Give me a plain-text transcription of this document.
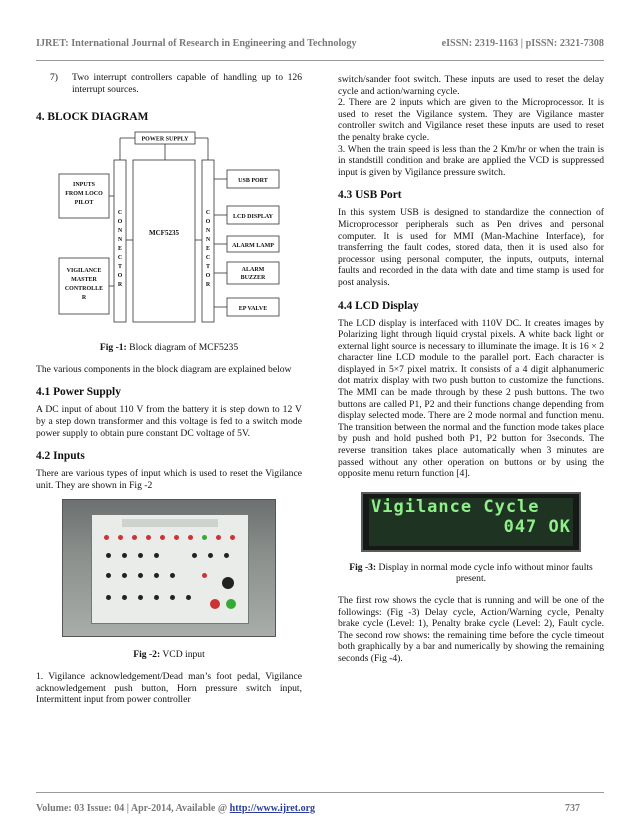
IJRET: International Journal of Research in Engineering and Technology	eISSN: 2319-1163 | pISSN: 2321-7308
7)	Two interrupt controllers capable of handling up to 126 interrupt sources.
4. BLOCK DIAGRAM
POWER SUPPLY
INPUTS
FROM LOCO
PILOT
VIGILANCE
MASTER
CONTROLLE
R
C
O
N
N
E
C
T
O
R
MCF5235
C
O
N
N
E
C
T
O
R
USB PORT
LCD DISPLAY
ALARM LAMP
ALARM
BUZZER
EP VALVE

Fig -1: Block diagram of MCF5235

The various components in the block diagram are explained below

4.1 Power Supply

A DC input of about 110 V from the battery it is step down to 12 V by a step down transformer and this voltage is fed to a switch mode power supply to obtain pure constant DC voltage of 5V.

4.2 Inputs

There are various types of input which is used to reset the Vigilance unit. They are shown in Fig -2

Fig -2: VCD input

1. Vigilance acknowledgement/Dead man’s foot pedal, Vigilance acknowledgement push button, Horn pressure switch input, Intermittent input from power controller

switch/sander foot switch. These inputs are used to reset the delay cycle and action/warning cycle.

2. There are 2 inputs which are given to the Microprocessor. It is used to reset the Vigilance system. They are Vigilance master controller switch and Vigilance reset these inputs are used to reset the penalty brake cycle.

3. When the train speed is less than the 2 Km/hr or when the train is in standstill condition and brake are applied the VCD is suppressed input is given by Vigilance pressure switch.

4.3 USB Port

In this system USB is designed to standardize the connection of Microprocessor peripherals such as Pen drives and personal computer. It is used for MMI (Man-Machine Interface), for transferring the fault codes, stored data, then it is used also for processor using personal computer, the inputs, outputs, internal faults and recorded in the data with date and time stamp is used for post analysis.

4.4 LCD Display

The LCD display is interfaced with 110V DC. It creates images by Polarizing light through liquid crystal pixels. A white back light or external light source is necessary to illuminate the image. It is 16 × 2 character line LCD module to the parallel port. Each character is displayed in 5×7 pixel matrix. It consists of a 4 digit alphanumeric dot matrix display with two push button to customize the functions. The MMI can be made through by these 2 push buttons. The two buttons are called P1, P2 and their functions change depending from display selected mode. There are 2 mode normal and function menu. The transition between the normal and the function mode takes place by push and hold pushed both P1, P2 button for 3seconds. The reverse transition takes place automatically when 3 minutes are passed without any other operation on buttons or by using the opposite menu return function [4].

Vigilance Cycle
047 OK

Fig -3: Display in normal mode cycle info without minor faults present.

The first row shows the cycle that is running and will be one of the followings: (Fig -3) Delay cycle, Action/Warning cycle, Penalty brake cycle (Level: 1), Penalty brake cycle (Level: 2), Fault cycle. The second row shows: the remaining time before the cycle timeout both graphically by a bar and numerically by showing the remaining seconds (Fig -4).

Volume: 03 Issue: 04 | Apr-2014, Available @ http://www.ijret.org	737
